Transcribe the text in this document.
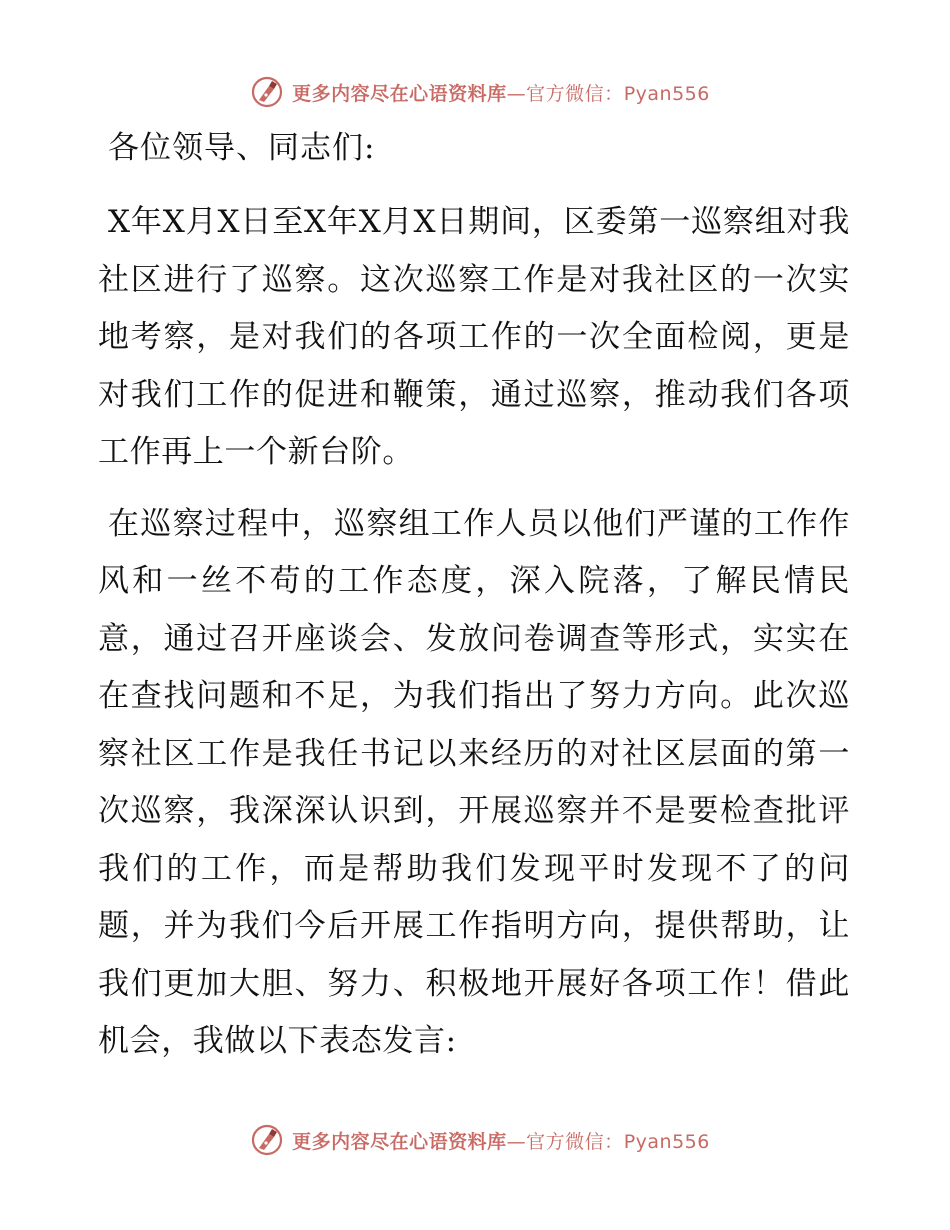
更多内容尽在心语资料库—官方微信：Pyan556

各位领导、同志们:

X年X月X日至X年X月X日期间，区委第一巡察组对我社区进行了巡察。这次巡察工作是对我社区的一次实地考察，是对我们的各项工作的一次全面检阅，更是对我们工作的促进和鞭策，通过巡察，推动我们各项工作再上一个新台阶。

在巡察过程中，巡察组工作人员以他们严谨的工作作风和一丝不苟的工作态度，深入院落，了解民情民意，通过召开座谈会、发放问卷调查等形式，实实在在查找问题和不足，为我们指出了努力方向。此次巡察社区工作是我任书记以来经历的对社区层面的第一次巡察，我深深认识到，开展巡察并不是要检查批评我们的工作，而是帮助我们发现平时发现不了的问题，并为我们今后开展工作指明方向，提供帮助，让我们更加大胆、努力、积极地开展好各项工作！借此机会，我做以下表态发言:

更多内容尽在心语资料库—官方微信：Pyan556
